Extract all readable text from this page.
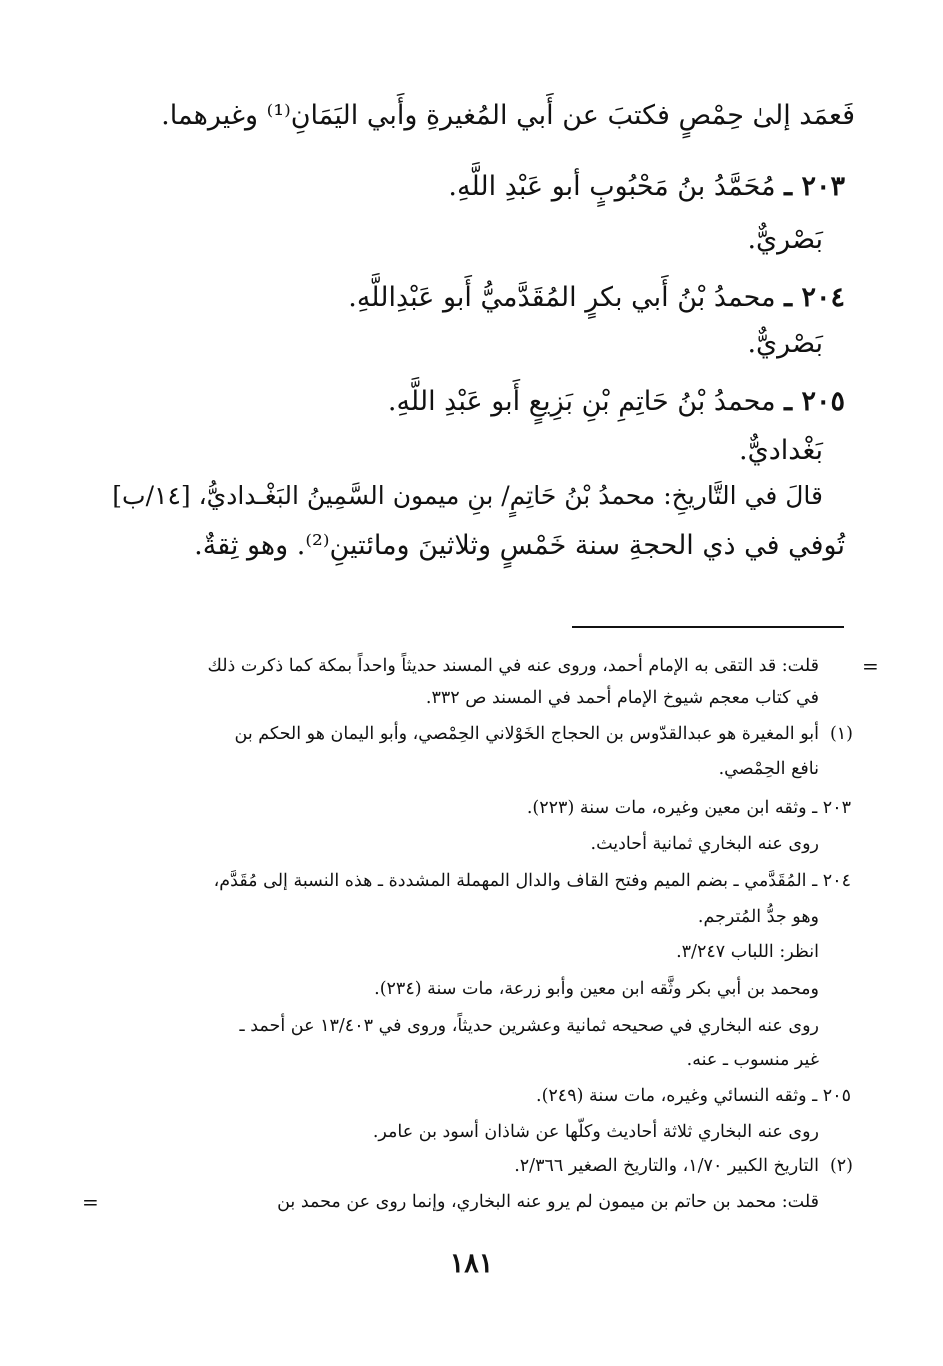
فَعمَد إلىٰ حِمْصٍ فكتبَ عن أَبي المُغيرةِ وأَبي اليَمَانِ⁽¹⁾ وغيرهما.
٢٠٣ ـ مُحَمَّدُ بنُ مَحْبُوبٍ أبو عَبْدِ اللَّهِ.
بَصْريٌّ.
٢٠٤ ـ محمدُ بْنُ أَبي بكرٍ المُقَدَّميُّ أَبو عَبْدِاللَّهِ.
بَصْريٌّ.
٢٠٥ ـ محمدُ بْنُ حَاتِمِ بْنِ بَزِيعٍ أَبو عَبْدِ اللَّهِ.
بَغْداديٌّ.
قالَ في التَّاريخِ: محمدُ بْنُ حَاتِمٍ/ بنِ ميمون السَّمِينُ البَغْـداديُّ، [١٤/ب]
تُوفي في ذي الحجةِ سنة خَمْسٍ وثلاثينَ ومائتينِ⁽²⁾. وهو ثِقةٌ.
=
قلت: قد التقى به الإمام أحمد، وروى عنه في المسند حديثاً واحداً بمكة كما ذكرت ذلك
في كتاب معجم شيوخ الإمام أحمد في المسند ص ٣٣٢.
(١)
أبو المغيرة هو عبدالقدّوس بن الحجاج الخَوْلاني الحِمْصي، وأبو اليمان هو الحكم بن
نافع الحِمْصي.
٢٠٣ ـ وثقه ابن معين وغيره، مات سنة (٢٢٣).
روى عنه البخاري ثمانية أحاديث.
٢٠٤ ـ المُقَدَّمي ـ بضم الميم وفتح القاف والدال المهملة المشددة ـ هذه النسبة إلى مُقَدَّم،
وهو جدُّ المُترجم.
انظر: اللباب ٣/٢٤٧.
ومحمد بن أبي بكر وثَّقه ابن معين وأبو زرعة، مات سنة (٢٣٤).
روى عنه البخاري في صحيحه ثمانية وعشرين حديثاً، وروى في ١٣/٤٠٣ عن أحمد ـ
غير منسوب ـ عنه.
٢٠٥ ـ وثقه النسائي وغيره، مات سنة (٢٤٩).
روى عنه البخاري ثلاثة أحاديث وكلّها عن شاذان أسود بن عامر.
(٢)
التاريخ الكبير ١/٧٠، والتاريخ الصغير ٢/٣٦٦.
قلت: محمد بن حاتم بن ميمون لم يرو عنه البخاري، وإنما روى عن محمد بن
=
١٨١
